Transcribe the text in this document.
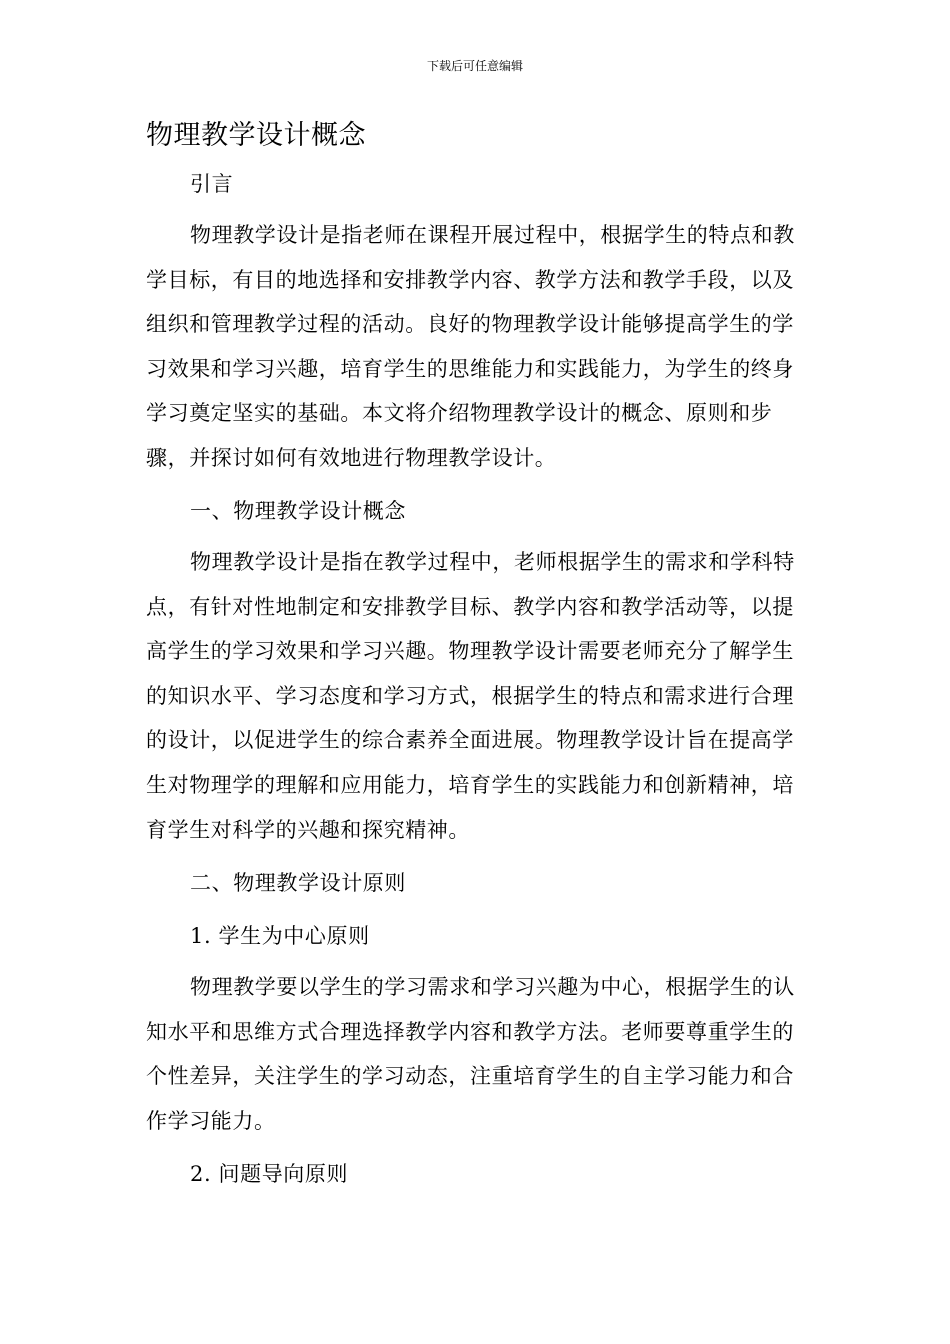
下载后可任意编辑
物理教学设计概念
引言

物理教学设计是指老师在课程开展过程中，根据学生的特点和教学目标，有目的地选择和安排教学内容、教学方法和教学手段，以及组织和管理教学过程的活动。良好的物理教学设计能够提高学生的学习效果和学习兴趣，培育学生的思维能力和实践能力，为学生的终身学习奠定坚实的基础。本文将介绍物理教学设计的概念、原则和步骤，并探讨如何有效地进行物理教学设计。

一、物理教学设计概念

物理教学设计是指在教学过程中，老师根据学生的需求和学科特点，有针对性地制定和安排教学目标、教学内容和教学活动等，以提高学生的学习效果和学习兴趣。物理教学设计需要老师充分了解学生的知识水平、学习态度和学习方式，根据学生的特点和需求进行合理的设计，以促进学生的综合素养全面进展。物理教学设计旨在提高学生对物理学的理解和应用能力，培育学生的实践能力和创新精神，培育学生对科学的兴趣和探究精神。

二、物理教学设计原则
1. 学生为中心原则

物理教学要以学生的学习需求和学习兴趣为中心，根据学生的认知水平和思维方式合理选择教学内容和教学方法。老师要尊重学生的个性差异，关注学生的学习动态，注重培育学生的自主学习能力和合作学习能力。

2. 问题导向原则
